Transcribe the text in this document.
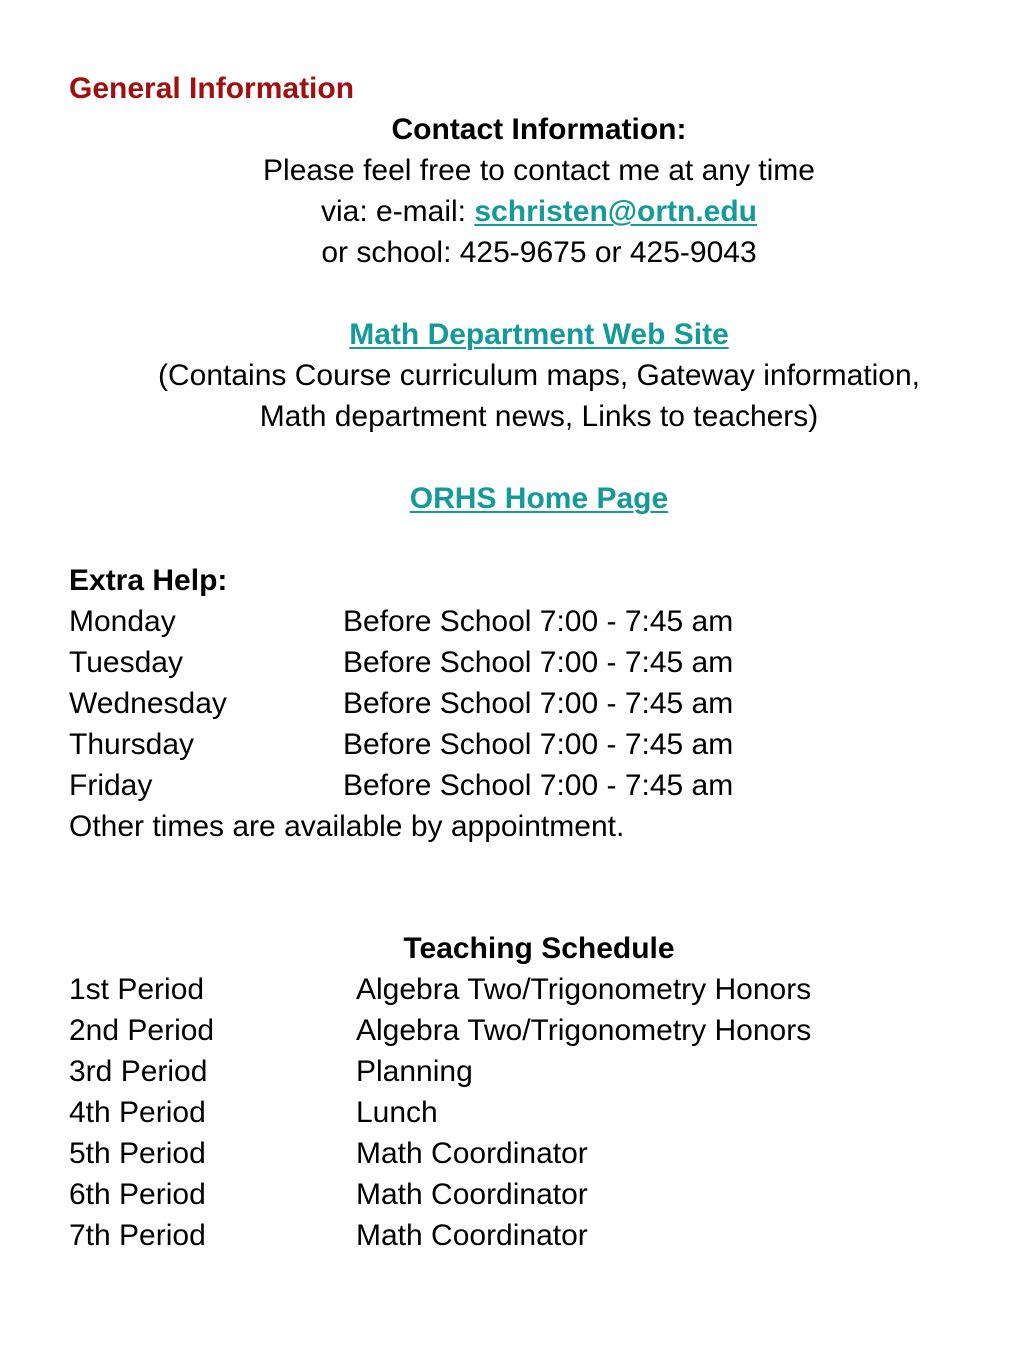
General Information
Contact Information:
Please feel free to contact me at any time
via: e-mail: schristen@ortn.edu
or school: 425-9675 or 425-9043
Math Department Web Site
(Contains Course curriculum maps, Gateway information,
Math department news, Links to teachers)
ORHS Home Page
Extra Help:
Monday	Before School 7:00 - 7:45 am
Tuesday	Before School 7:00 - 7:45 am
Wednesday	Before School 7:00 - 7:45 am
Thursday	Before School 7:00 - 7:45 am
Friday	Before School 7:00 - 7:45 am
Other times are available by appointment.
Teaching Schedule
1st Period	Algebra Two/Trigonometry Honors
2nd Period	Algebra Two/Trigonometry Honors
3rd Period	Planning
4th Period	Lunch
5th Period	Math Coordinator
6th Period	Math Coordinator
7th Period	Math Coordinator
